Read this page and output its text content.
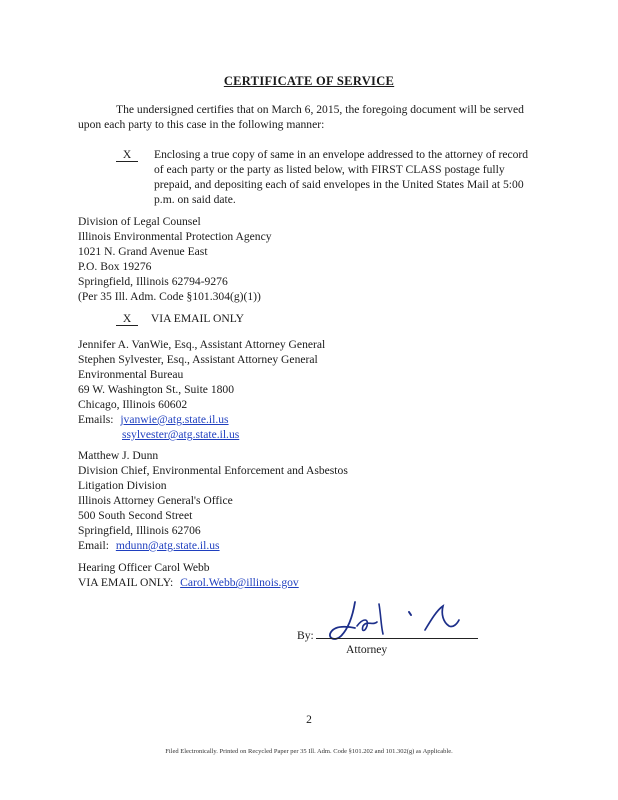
CERTIFICATE OF SERVICE
The undersigned certifies that on March 6, 2015, the foregoing document will be served
upon each party to this case in the following manner:
X	Enclosing a true copy of same in an envelope addressed to the attorney of record
of each party or the party as listed below, with FIRST CLASS postage fully
prepaid, and depositing each of said envelopes in the United States Mail at 5:00
p.m. on said date.
Division of Legal Counsel
Illinois Environmental Protection Agency
1021 N. Grand Avenue East
P.O. Box 19276
Springfield, Illinois 62794-9276
(Per 35 Ill. Adm. Code §101.304(g)(1))
X VIA EMAIL ONLY
Jennifer A. VanWie, Esq., Assistant Attorney General
Stephen Sylvester, Esq., Assistant Attorney General
Environmental Bureau
69 W. Washington St., Suite 1800
Chicago, Illinois 60602
Emails: jvanwie@atg.state.il.us
ssylvester@atg.state.il.us
Matthew J. Dunn
Division Chief, Environmental Enforcement and Asbestos
Litigation Division
Illinois Attorney General's Office
500 South Second Street
Springfield, Illinois 62706
Email: mdunn@atg.state.il.us
Hearing Officer Carol Webb
VIA EMAIL ONLY: Carol.Webb@illinois.gov
By:
Attorney
2
Filed Electronically. Printed on Recycled Paper per 35 Ill. Adm. Code §101.202 and 101.302(g) as Applicable.
